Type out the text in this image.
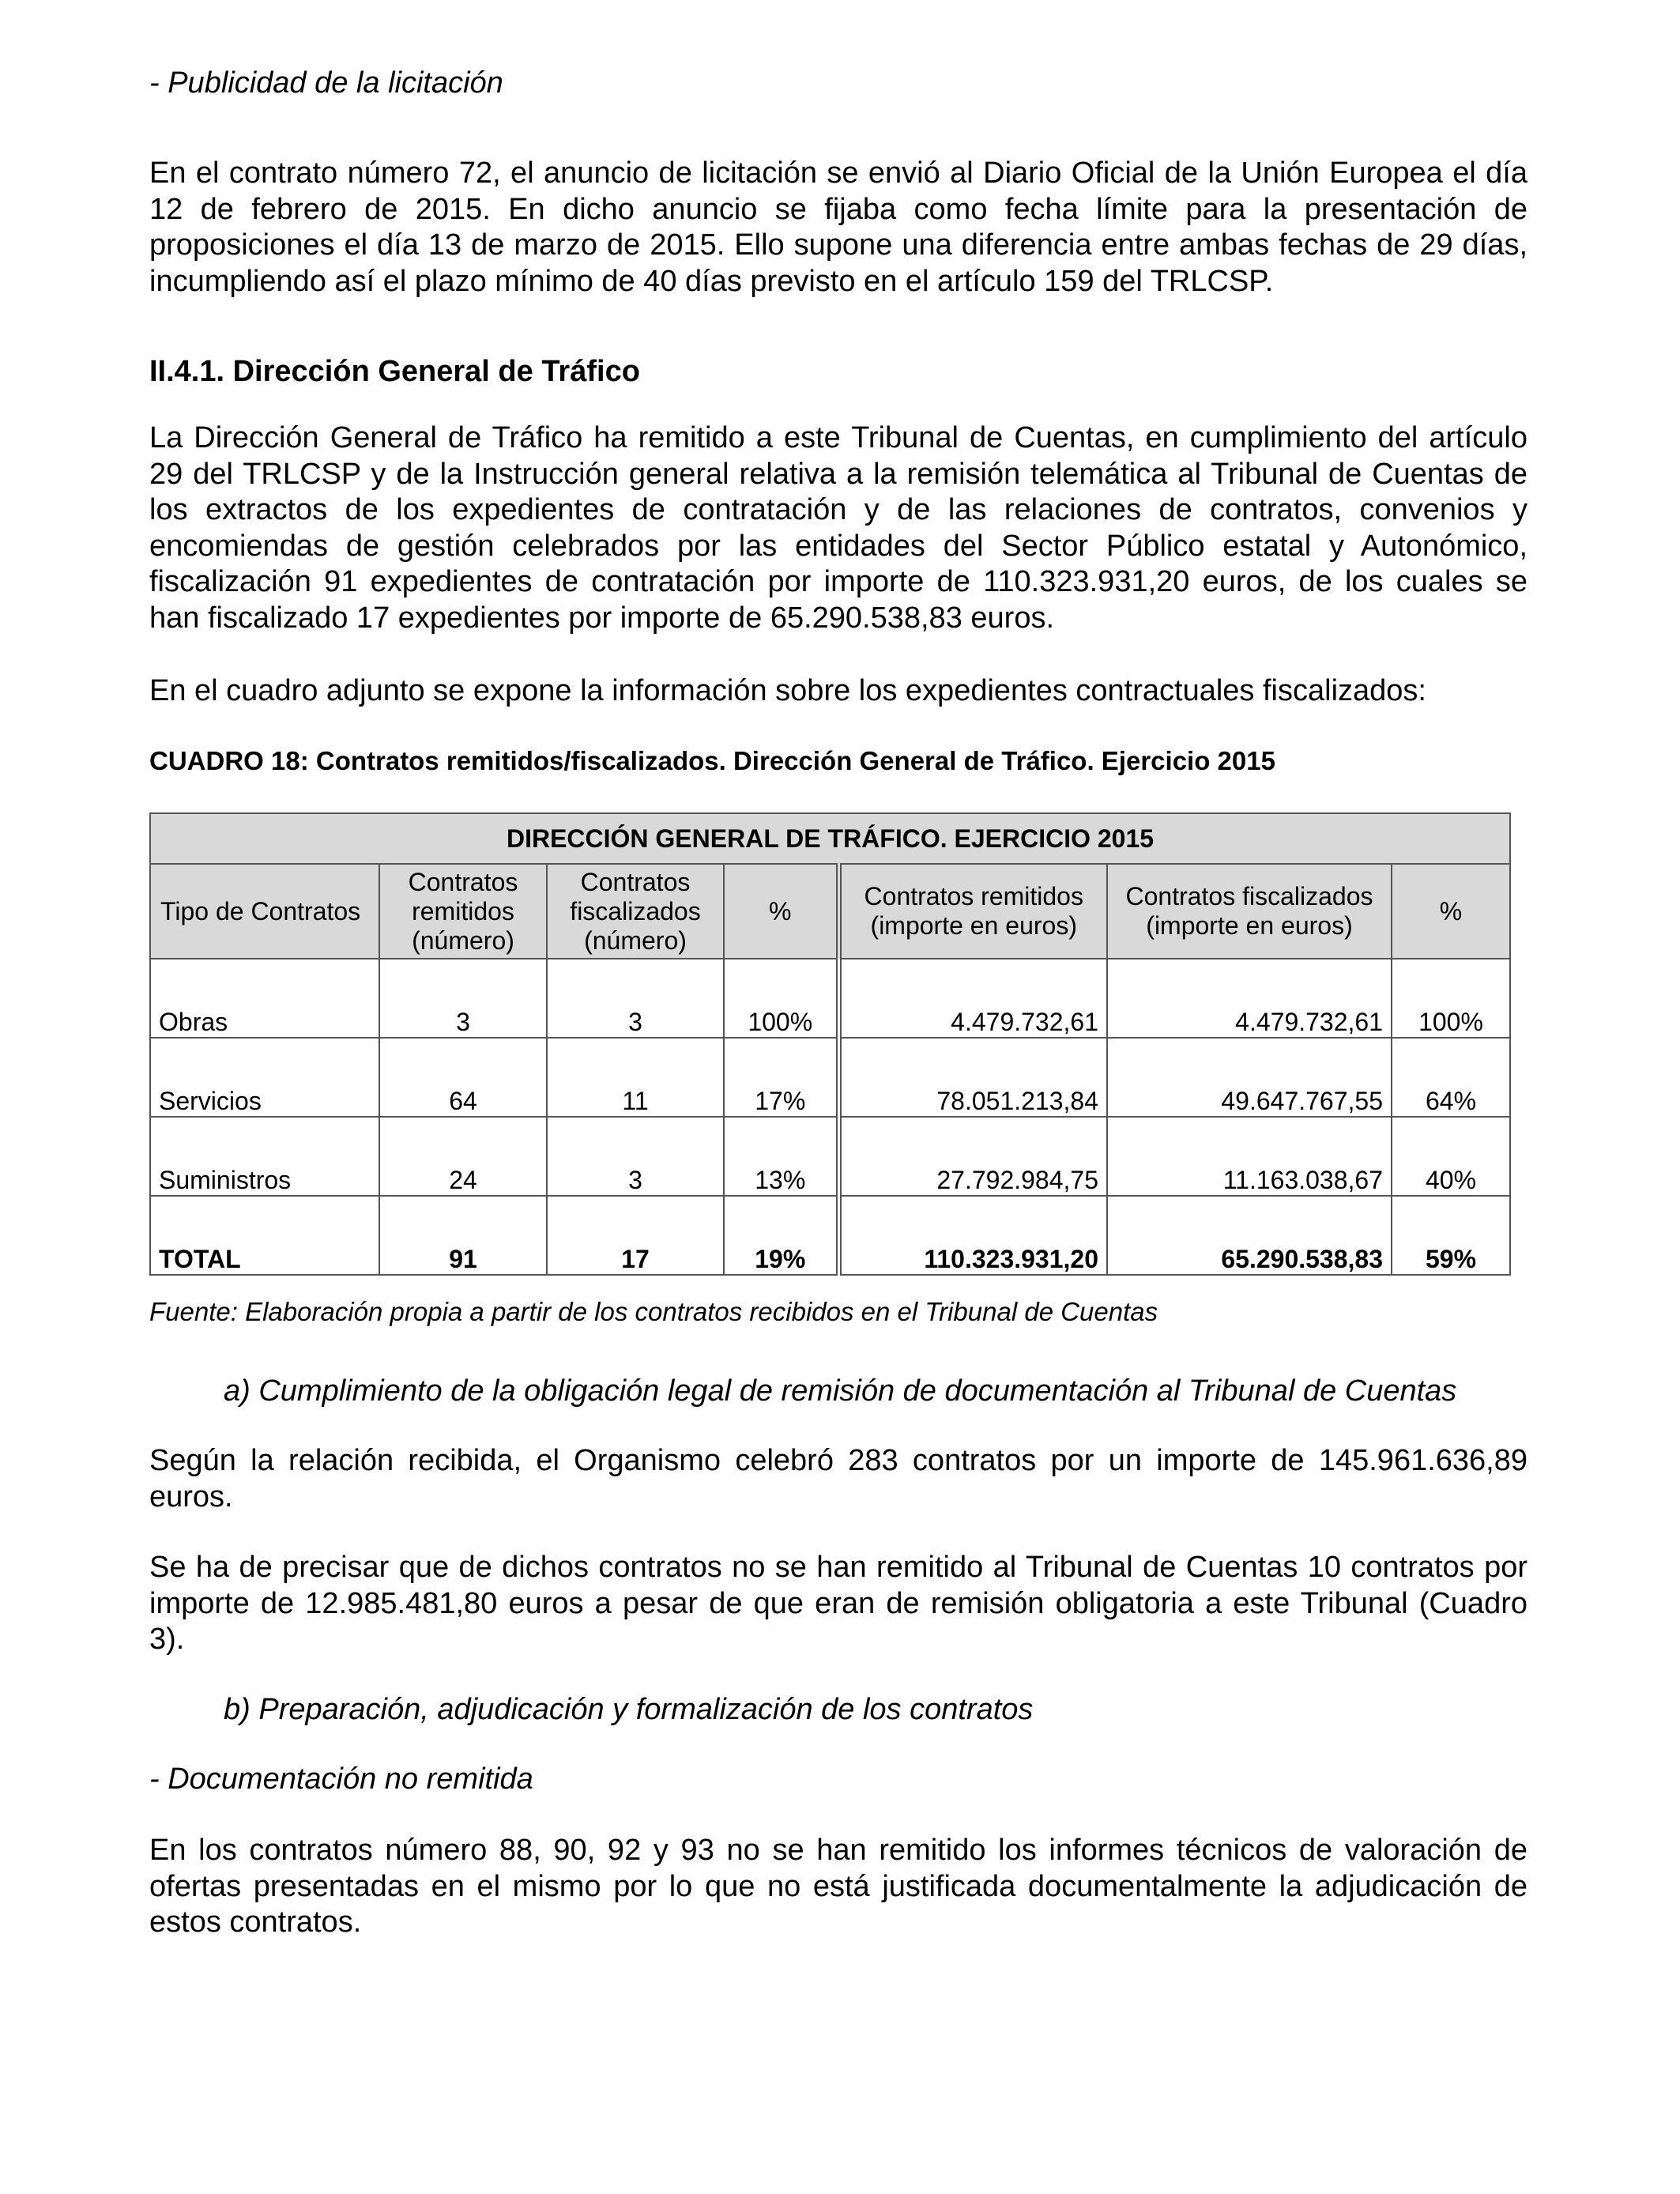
- Publicidad de la licitación
En el contrato número 72, el anuncio de licitación se envió al Diario Oficial de la Unión Europea el día 12 de febrero de 2015. En dicho anuncio se fijaba como fecha límite para la presentación de proposiciones el día 13 de marzo de 2015. Ello supone una diferencia entre ambas fechas de 29 días, incumpliendo así el plazo mínimo de 40 días previsto en el artículo 159 del TRLCSP.
II.4.1. Dirección General de Tráfico
La Dirección General de Tráfico ha remitido a este Tribunal de Cuentas, en cumplimiento del artículo 29 del TRLCSP y de la Instrucción general relativa a la remisión telemática al Tribunal de Cuentas de los extractos de los expedientes de contratación y de las relaciones de contratos, convenios y encomiendas de gestión celebrados por las entidades del Sector Público estatal y Autonómico, fiscalización 91 expedientes de contratación por importe de 110.323.931,20 euros, de los cuales se han fiscalizado 17 expedientes por importe de 65.290.538,83 euros.
En el cuadro adjunto se expone la información sobre los expedientes contractuales fiscalizados:
CUADRO 18: Contratos remitidos/fiscalizados. Dirección General de Tráfico. Ejercicio 2015
DIRECCIÓN GENERAL DE TRÁFICO. EJERCICIO 2015						
Tipo de Contratos	Contratos remitidos (número)	Contratos fiscalizados (número)	%	Contratos remitidos (importe en euros)	Contratos fiscalizados (importe en euros)	%
Obras	3	3	100%	4.479.732,61	4.479.732,61	100%
Servicios	64	11	17%	78.051.213,84	49.647.767,55	64%
Suministros	24	3	13%	27.792.984,75	11.163.038,67	40%
TOTAL	91	17	19%	110.323.931,20	65.290.538,83	59%
Fuente: Elaboración propia a partir de los contratos recibidos en el Tribunal de Cuentas
a) Cumplimiento de la obligación legal de remisión de documentación al Tribunal de Cuentas
Según la relación recibida, el Organismo celebró 283 contratos por un importe de 145.961.636,89 euros.
Se ha de precisar que de dichos contratos no se han remitido al Tribunal de Cuentas 10 contratos por importe de 12.985.481,80 euros a pesar de que eran de remisión obligatoria a este Tribunal (Cuadro 3).
b) Preparación, adjudicación y formalización de los contratos
- Documentación no remitida
En los contratos número 88, 90, 92 y 93 no se han remitido los informes técnicos de valoración de ofertas presentadas en el mismo por lo que no está justificada documentalmente la adjudicación de estos contratos.
